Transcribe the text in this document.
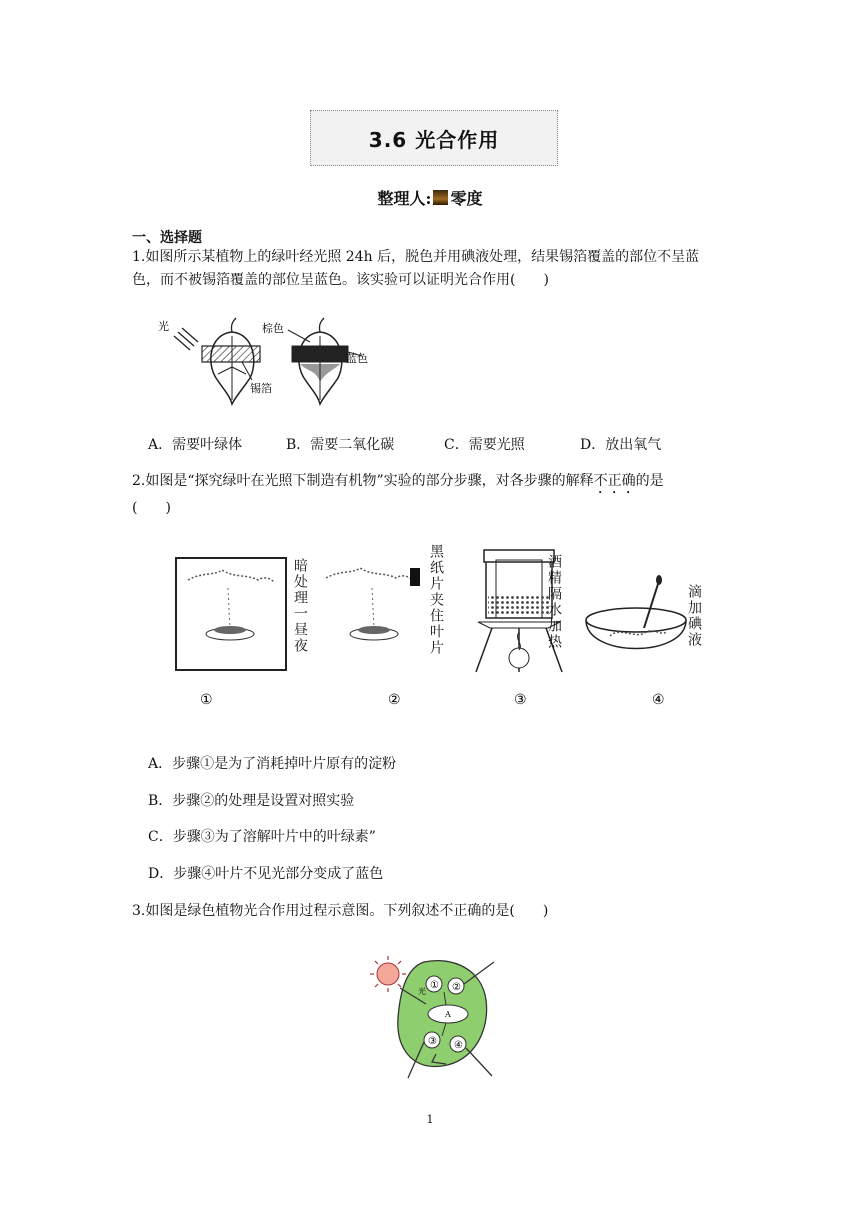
3.6 光合作用
整理人: 零度
一、选择题
1.如图所示某植物上的绿叶经光照 24h 后，脱色并用碘液处理，结果锡箔覆盖的部位不呈蓝
色，而不被锡箔覆盖的部位呈蓝色。该实验可以证明光合作用(　　)
光
锡箔
棕色
蓝色
A．需要叶绿体	B．需要二氧化碳	C．需要光照	D．放出氧气
2.如图是“探究绿叶在光照下制造有机物”实验的部分步骤，对各步骤的解释不正确的是
(　　)
①	②	③	④
暗处理一昼夜	黑纸片夹住叶片	酒精隔水加热	滴加碘液
A．步骤①是为了消耗掉叶片原有的淀粉
B．步骤②的处理是设置对照实验
C．步骤③为了溶解叶片中的叶绿素”
D．步骤④叶片不见光部分变成了蓝色
3.如图是绿色植物光合作用过程示意图。下列叙述不正确的是(　　)
光
① ②
A
③ ④
1
